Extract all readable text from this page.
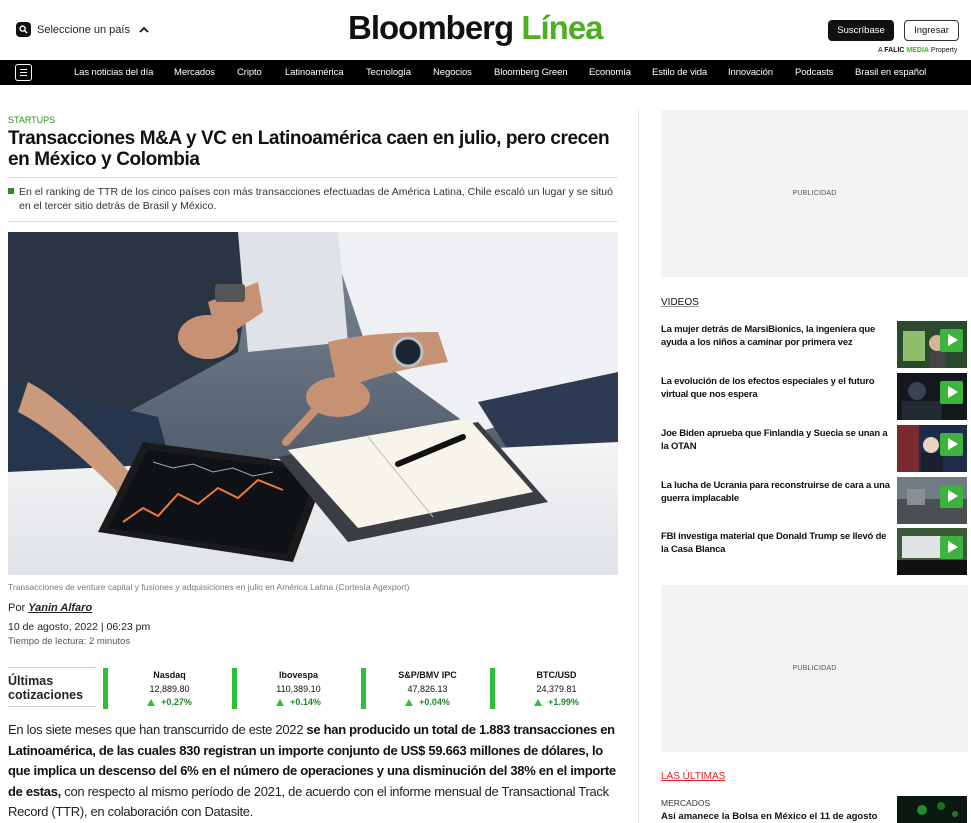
Seleccione un país	Bloomberg Línea	Suscríbase	Ingresar
A FALIC MEDIA Property
Las noticias del día Mercados Cripto Latinoamérica Tecnología Negocios Bloomberg Green Economía Estilo de vida Innovación Podcasts Brasil en español
STARTUPS
Transacciones M&A y VC en Latinoamérica caen en julio, pero crecen en México y Colombia
En el ranking de TTR de los cinco países con más transacciones efectuadas de América Latina, Chile escaló un lugar y se situó en el tercer sitio detrás de Brasil y México.
Transacciones de venture capital y fusiones y adquisiciones en julio en América Latina (Cortesía Agexport)
Por Yanin Alfaro
10 de agosto, 2022 | 06:23 pm
Tiempo de lectura: 2 minutos
Últimas
cotizaciones
Nasdaq
12,889.80
+0.27%
Ibovespa
110,389.10
+0.14%
S&P/BMV IPC
47,826.13
+0.04%
BTC/USD
24,379.81
+1.99%

En los siete meses que han transcurrido de este 2022 se han producido un total de 1.883 transacciones en Latinoamérica, de las cuales 830 registran un importe conjunto de US$ 59.663 millones de dólares, lo que implica un descenso del 6% en el número de operaciones y una disminución del 38% en el importe de estas, con respecto al mismo período de 2021, de acuerdo con el informe mensual de Transactional Track Record (TTR), en colaboración con Datasite.

PUBLICIDAD
VIDEOS
La mujer detrás de MarsiBionics, la ingeniera que ayuda a los niños a caminar por primera vez
La evolución de los efectos especiales y el futuro virtual que nos espera
Joe Biden aprueba que Finlandia y Suecia se unan a la OTAN
La lucha de Ucrania para reconstruirse de cara a una guerra implacable
FBI investiga material que Donald Trump se llevó de la Casa Blanca
PUBLICIDAD
LAS ÚLTIMAS
MERCADOS
Así amanece la Bolsa en México el 11 de agosto
